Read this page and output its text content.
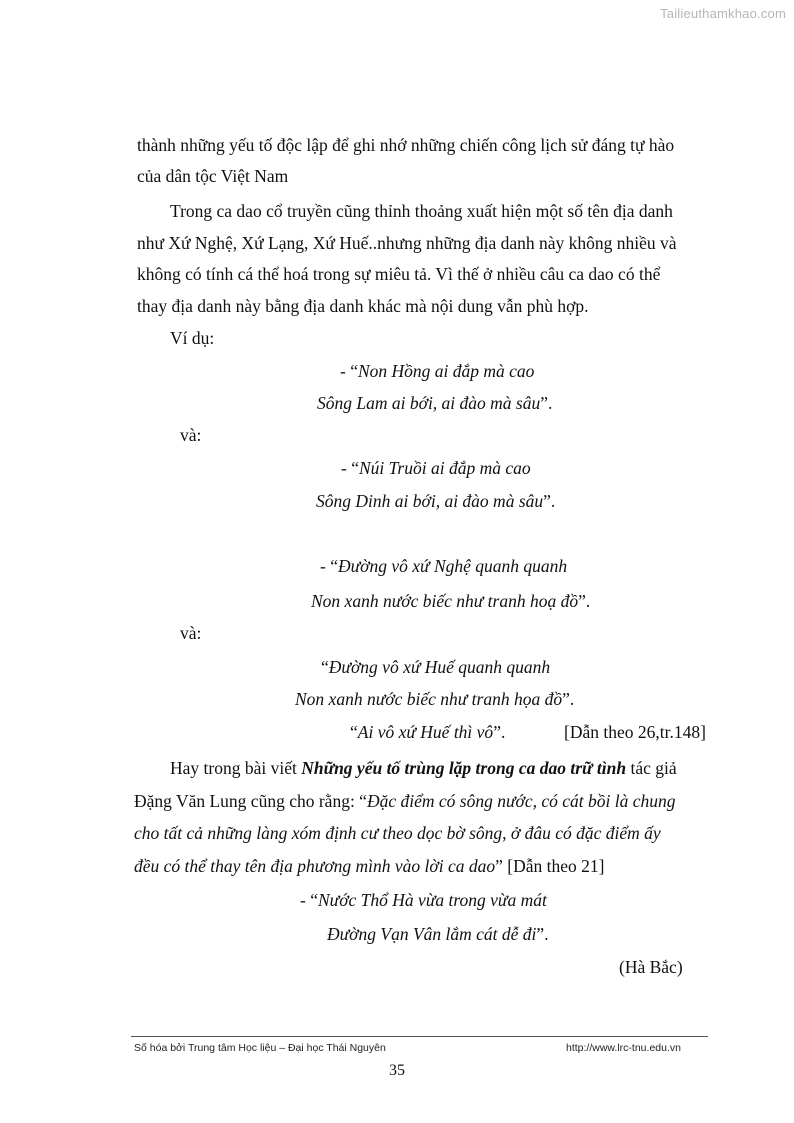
Tailieuthamkhao.com
thành những yếu tố độc lập để ghi nhớ những chiến công lịch sử đáng tự hào
của dân tộc Việt Nam
Trong ca dao cổ truyền cũng thỉnh thoảng xuất hiện một số tên địa danh
như Xứ Nghệ, Xứ Lạng, Xứ Huế..nhưng những địa danh này không nhiều và
không có tính cá thể hoá trong sự miêu tả. Vì thế ở nhiều câu ca dao có thể
thay địa danh này bằng địa danh khác mà nội dung vẫn phù hợp.
Ví dụ:
- “Non Hồng ai đắp mà cao
Sông Lam ai bới, ai đào mà sâu”.
và:
- “Núi Truồi ai đắp mà cao
Sông Dinh ai bới, ai đào mà sâu”.
- “Đường vô xứ Nghệ quanh quanh
Non xanh nước biếc như tranh hoạ đồ”.
và:
“Đường vô xứ Huế quanh quanh
Non xanh nước biếc như tranh họa đồ”.
“Ai vô xứ Huế thì vô”.	[Dẫn theo 26,tr.148]
Hay trong bài viết Những yếu tố trùng lặp trong ca dao trữ tình tác giả
Đặng Văn Lung cũng cho rằng: “Đặc điểm có sông nước, có cát bồi là chung
cho tất cả những làng xóm định cư theo dọc bờ sông, ở đâu có đặc điểm ấy
đều có thể thay tên địa phương mình vào lời ca dao” [Dẫn theo 21]
- “Nước Thổ Hà vừa trong vừa mát
Đường Vạn Vân lắm cát dễ đi”.
(Hà Bắc)
Số hóa bởi Trung tâm Học liệu – Đại học Thái Nguyên	http://www.lrc-tnu.edu.vn
35
